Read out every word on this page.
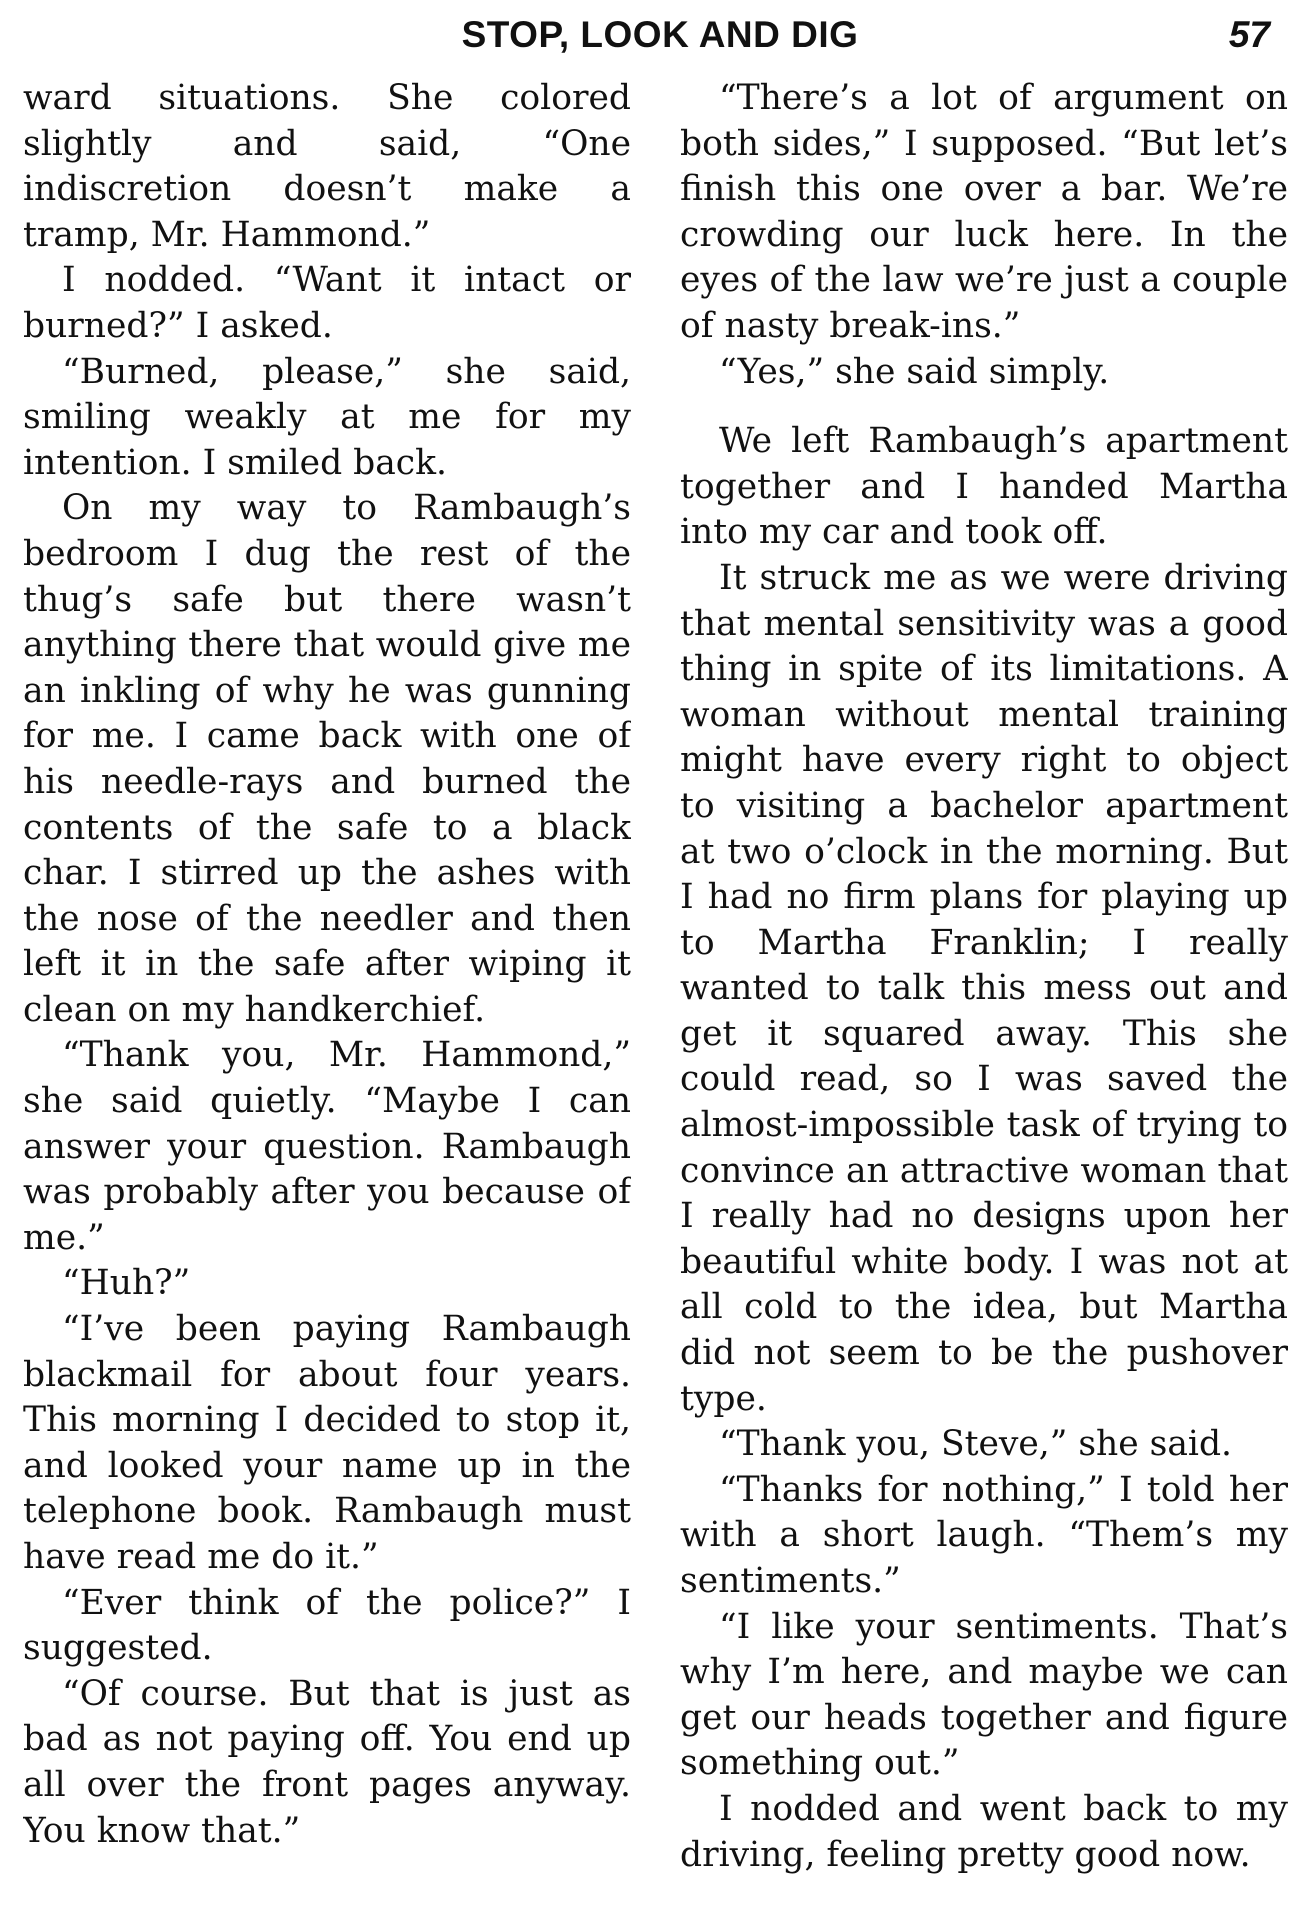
STOP, LOOK AND DIG	57

ward situations. She colored slightly and said, “One indiscretion doesn’t make a tramp, Mr. Hammond.”

I nodded. “Want it intact or burned?” I asked.

“Burned, please,” she said, smiling weakly at me for my intention. I smiled back.

On my way to Rambaugh’s bedroom I dug the rest of the thug’s safe but there wasn’t anything there that would give me an inkling of why he was gunning for me. I came back with one of his needle-rays and burned the contents of the safe to a black char. I stirred up the ashes with the nose of the needler and then left it in the safe after wiping it clean on my handkerchief.

“Thank you, Mr. Hammond,” she said quietly. “Maybe I can answer your question. Rambaugh was probably after you because of me.”

“Huh?”

“I’ve been paying Rambaugh blackmail for about four years. This morning I decided to stop it, and looked your name up in the telephone book. Rambaugh must have read me do it.”

“Ever think of the police?” I suggested.

“Of course. But that is just as bad as not paying off. You end up all over the front pages anyway. You know that.”

“There’s a lot of argument on both sides,” I supposed. “But let’s finish this one over a bar. We’re crowding our luck here. In the eyes of the law we’re just a couple of nasty break-ins.”

“Yes,” she said simply.

We left Rambaugh’s apartment together and I handed Martha into my car and took off.

It struck me as we were driving that mental sensitivity was a good thing in spite of its limitations. A woman without mental training might have every right to object to visiting a bachelor apartment at two o’clock in the morning. But I had no firm plans for playing up to Martha Franklin; I really wanted to talk this mess out and get it squared away. This she could read, so I was saved the almost-impossible task of trying to convince an attractive woman that I really had no designs upon her beautiful white body. I was not at all cold to the idea, but Martha did not seem to be the pushover type.

“Thank you, Steve,” she said.

“Thanks for nothing,” I told her with a short laugh. “Them’s my sentiments.”

“I like your sentiments. That’s why I’m here, and maybe we can get our heads together and figure something out.”

I nodded and went back to my driving, feeling pretty good now.
